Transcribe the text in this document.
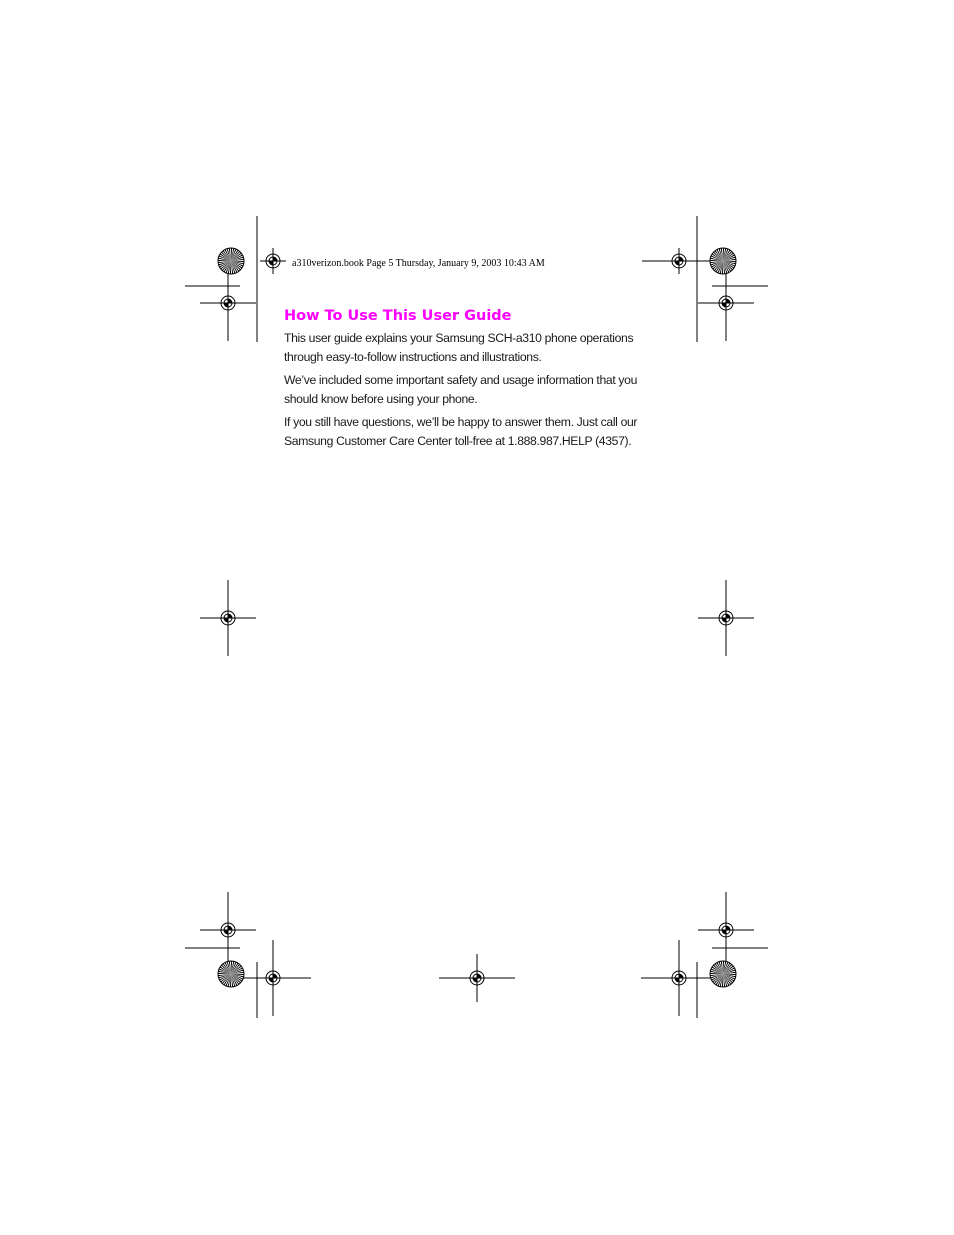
a310verizon.book Page 5 Thursday, January 9, 2003 10:43 AM
How To Use This User Guide

This user guide explains your Samsung SCH-a310 phone operations
through easy-to-follow instructions and illustrations.

We’ve included some important safety and usage information that you
should know before using your phone.

If you still have questions, we’ll be happy to answer them. Just call our
Samsung Customer Care Center toll-free at 1.888.987.HELP (4357).
